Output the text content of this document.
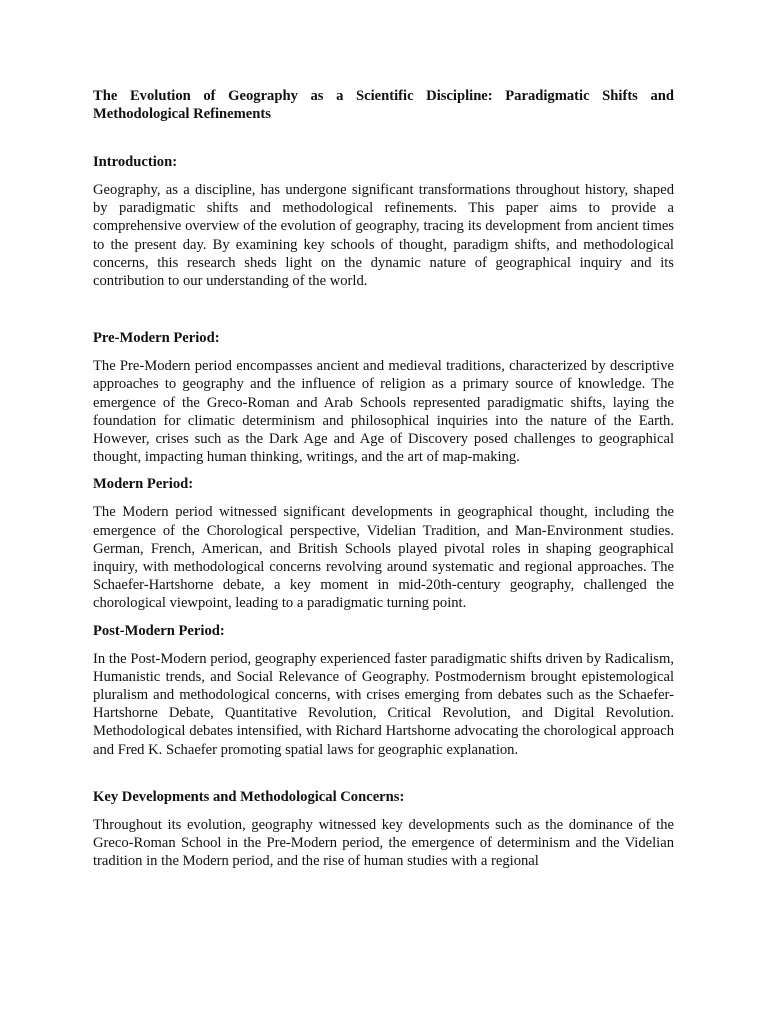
The Evolution of Geography as a Scientific Discipline: Paradigmatic Shifts and Methodological Refinements

Introduction:

Geography, as a discipline, has undergone significant transformations throughout history, shaped by paradigmatic shifts and methodological refinements. This paper aims to provide a comprehensive overview of the evolution of geography, tracing its development from ancient times to the present day. By examining key schools of thought, paradigm shifts, and methodological concerns, this research sheds light on the dynamic nature of geographical inquiry and its contribution to our understanding of the world.

Pre-Modern Period:

The Pre-Modern period encompasses ancient and medieval traditions, characterized by descriptive approaches to geography and the influence of religion as a primary source of knowledge. The emergence of the Greco-Roman and Arab Schools represented paradigmatic shifts, laying the foundation for climatic determinism and philosophical inquiries into the nature of the Earth. However, crises such as the Dark Age and Age of Discovery posed challenges to geographical thought, impacting human thinking, writings, and the art of map-making.

Modern Period:

The Modern period witnessed significant developments in geographical thought, including the emergence of the Chorological perspective, Videlian Tradition, and Man-Environment studies. German, French, American, and British Schools played pivotal roles in shaping geographical inquiry, with methodological concerns revolving around systematic and regional approaches. The Schaefer-Hartshorne debate, a key moment in mid-20th-century geography, challenged the chorological viewpoint, leading to a paradigmatic turning point.

Post-Modern Period:

In the Post-Modern period, geography experienced faster paradigmatic shifts driven by Radicalism, Humanistic trends, and Social Relevance of Geography. Postmodernism brought epistemological pluralism and methodological concerns, with crises emerging from debates such as the Schaefer-Hartshorne Debate, Quantitative Revolution, Critical Revolution, and Digital Revolution. Methodological debates intensified, with Richard Hartshorne advocating the chorological approach and Fred K. Schaefer promoting spatial laws for geographic explanation.

Key Developments and Methodological Concerns:

Throughout its evolution, geography witnessed key developments such as the dominance of the Greco-Roman School in the Pre-Modern period, the emergence of determinism and the Videlian tradition in the Modern period, and the rise of human studies with a regional
